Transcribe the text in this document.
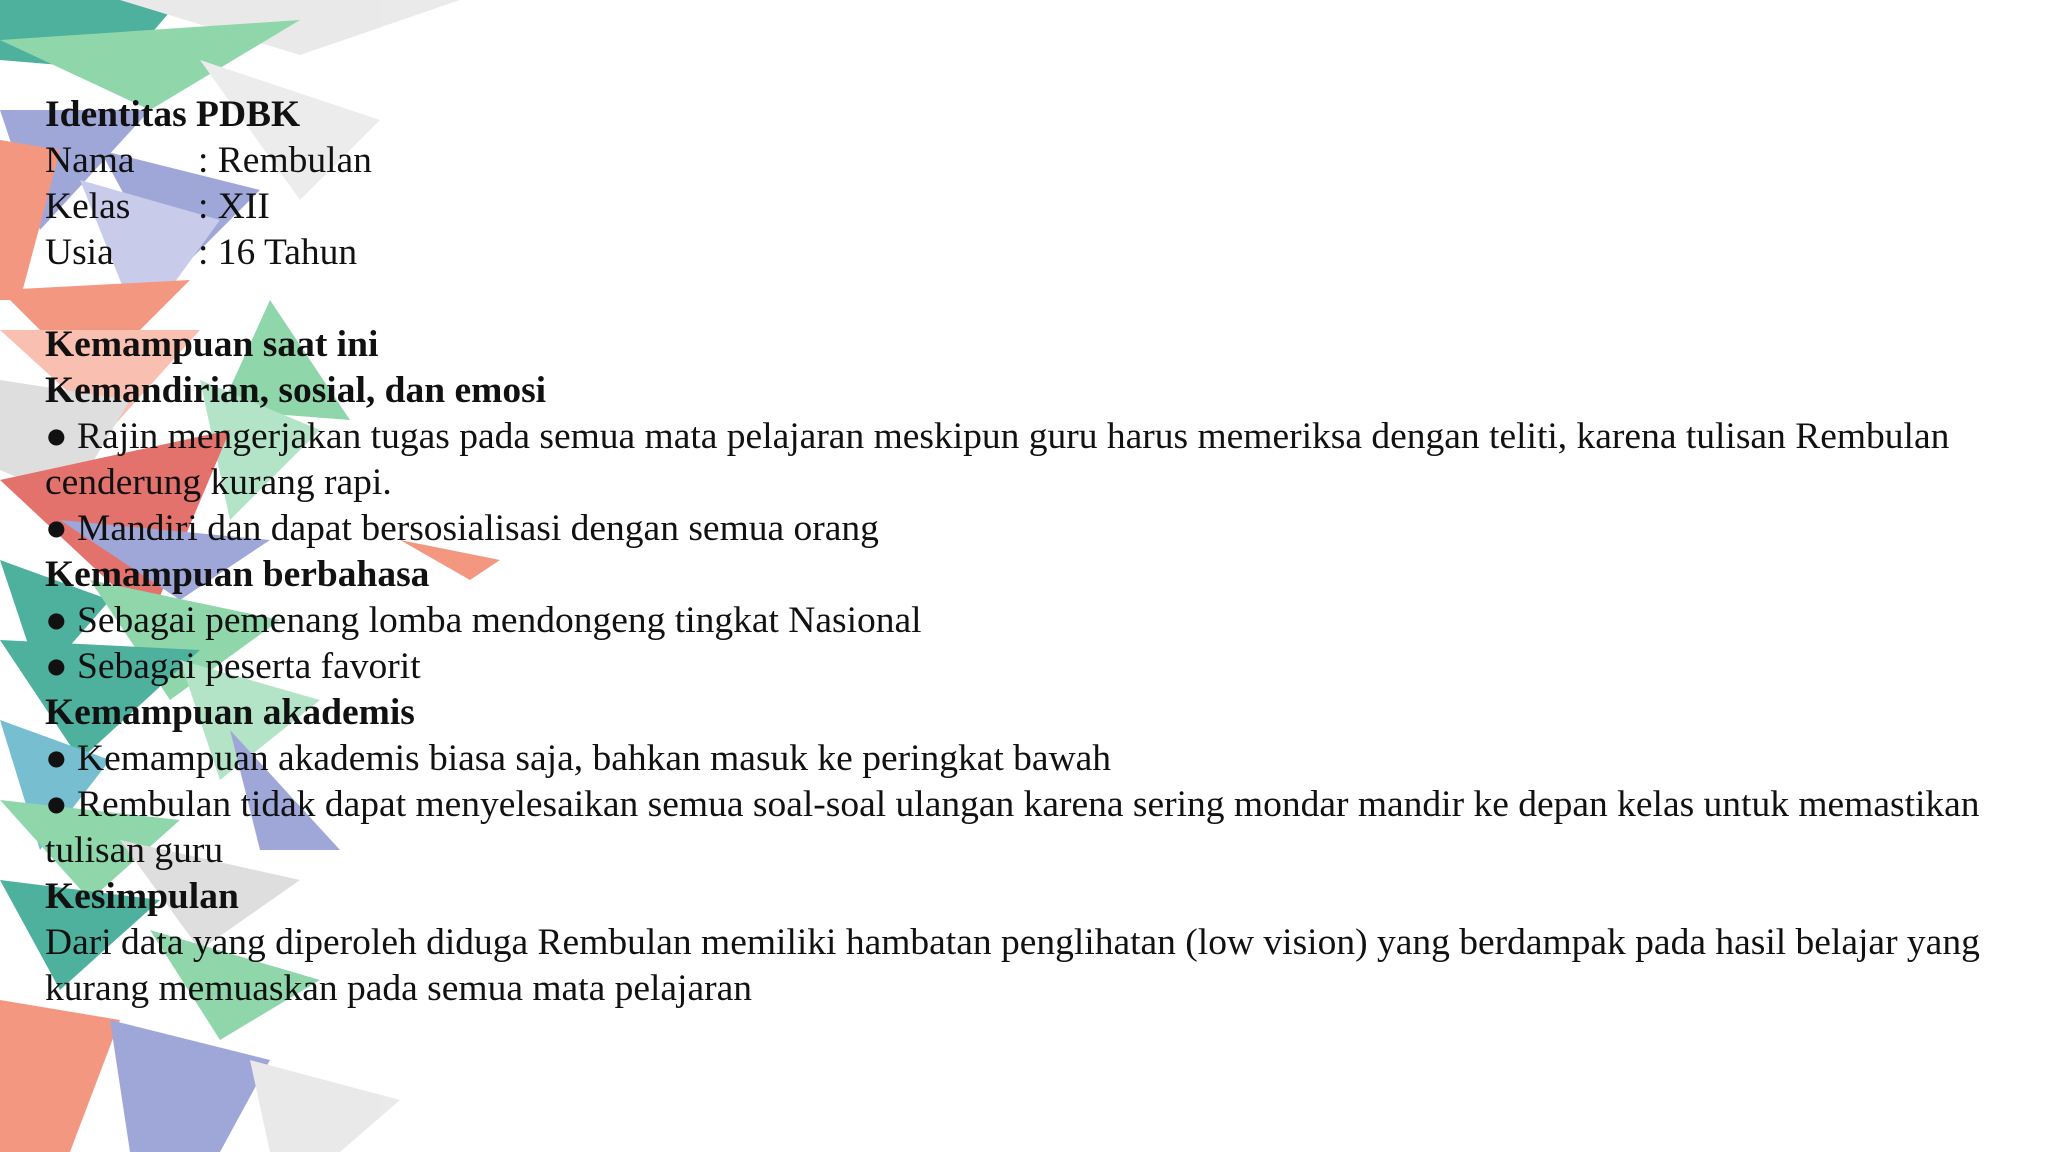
Identitas PDBK
Nama	: Rembulan
Kelas	: XII
Usia	: 16 Tahun
Kemampuan saat ini
Kemandirian, sosial, dan emosi
● Rajin mengerjakan tugas pada semua mata pelajaran meskipun guru harus memeriksa dengan teliti, karena tulisan Rembulan cenderung kurang rapi.
● Mandiri dan dapat bersosialisasi dengan semua orang
Kemampuan berbahasa
● Sebagai pemenang lomba mendongeng tingkat Nasional
● Sebagai peserta favorit
Kemampuan akademis
● Kemampuan akademis biasa saja, bahkan masuk ke peringkat bawah
● Rembulan tidak dapat menyelesaikan semua soal-soal ulangan karena sering mondar mandir ke depan kelas untuk memastikan tulisan guru
Kesimpulan
Dari data yang diperoleh diduga Rembulan memiliki hambatan penglihatan (low vision) yang berdampak pada hasil belajar yang kurang memuaskan pada semua mata pelajaran
